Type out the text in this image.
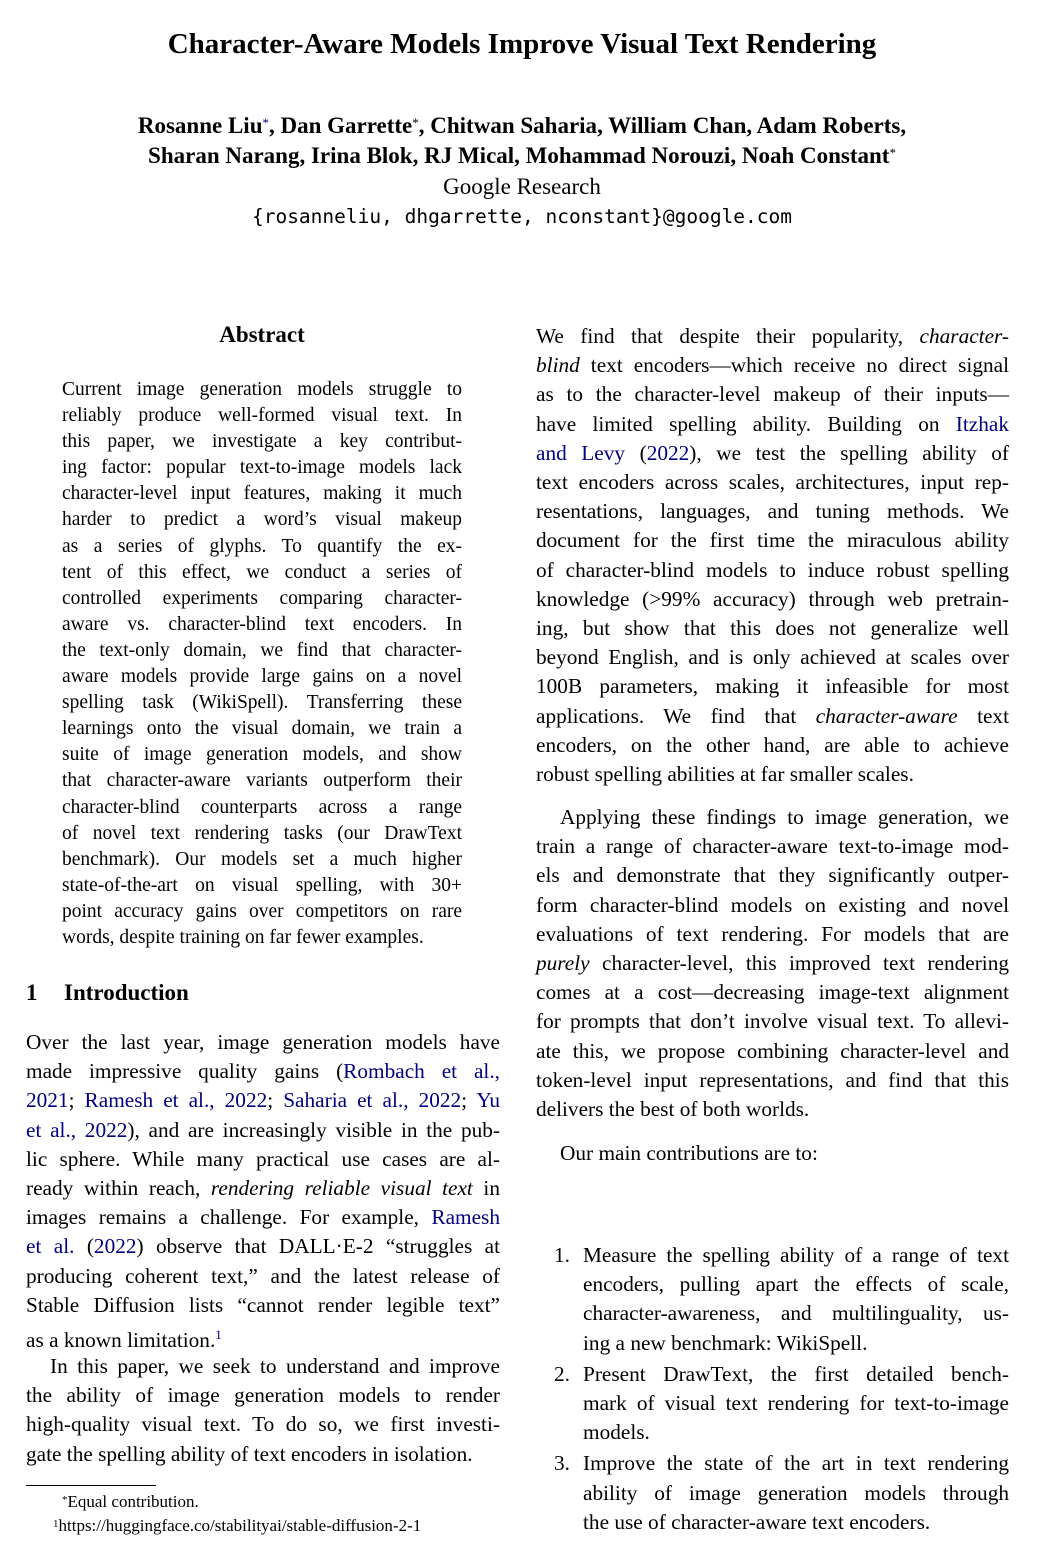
Character-Aware Models Improve Visual Text Rendering
Rosanne Liu*, Dan Garrette*, Chitwan Saharia, William Chan, Adam Roberts,
Sharan Narang, Irina Blok, RJ Mical, Mohammad Norouzi, Noah Constant*
Google Research
{rosanneliu, dhgarrette, nconstant}@google.com
Abstract
Current image generation models struggle to
reliably produce well-formed visual text. In
this paper, we investigate a key contribut-
ing factor: popular text-to-image models lack
character-level input features, making it much
harder to predict a word’s visual makeup
as a series of glyphs. To quantify the ex-
tent of this effect, we conduct a series of
controlled experiments comparing character-
aware vs. character-blind text encoders. In
the text-only domain, we find that character-
aware models provide large gains on a novel
spelling task (WikiSpell). Transferring these
learnings onto the visual domain, we train a
suite of image generation models, and show
that character-aware variants outperform their
character-blind counterparts across a range
of novel text rendering tasks (our DrawText
benchmark). Our models set a much higher
state-of-the-art on visual spelling, with 30+
point accuracy gains over competitors on rare
words, despite training on far fewer examples.
1 Introduction
Over the last year, image generation models have
made impressive quality gains (Rombach et al.,
2021; Ramesh et al., 2022; Saharia et al., 2022; Yu
et al., 2022), and are increasingly visible in the pub-
lic sphere. While many practical use cases are al-
ready within reach, rendering reliable visual text in
images remains a challenge. For example, Ramesh
et al. (2022) observe that DALL·E-2 “struggles at
producing coherent text,” and the latest release of
Stable Diffusion lists “cannot render legible text”
as a known limitation.$^1$
In this paper, we seek to understand and improve
the ability of image generation models to render
high-quality visual text. To do so, we first investi-
gate the spelling ability of text encoders in isolation.
*Equal contribution.
$^1$https://huggingface.co/stabilityai/stable-diffusion-2-1
We find that despite their popularity, character-
blind text encoders—which receive no direct signal
as to the character-level makeup of their inputs—
have limited spelling ability. Building on Itzhak
and Levy (2022), we test the spelling ability of
text encoders across scales, architectures, input rep-
resentations, languages, and tuning methods. We
document for the first time the miraculous ability
of character-blind models to induce robust spelling
knowledge (>99% accuracy) through web pretrain-
ing, but show that this does not generalize well
beyond English, and is only achieved at scales over
100B parameters, making it infeasible for most
applications. We find that character-aware text
encoders, on the other hand, are able to achieve
robust spelling abilities at far smaller scales.
Applying these findings to image generation, we
train a range of character-aware text-to-image mod-
els and demonstrate that they significantly outper-
form character-blind models on existing and novel
evaluations of text rendering. For models that are
purely character-level, this improved text rendering
comes at a cost—decreasing image-text alignment
for prompts that don’t involve visual text. To allevi-
ate this, we propose combining character-level and
token-level input representations, and find that this
delivers the best of both worlds.
Our main contributions are to:
1. Measure the spelling ability of a range of text
encoders, pulling apart the effects of scale,
character-awareness, and multilinguality, us-
ing a new benchmark: WikiSpell.
2. Present DrawText, the first detailed bench-
mark of visual text rendering for text-to-image
models.
3. Improve the state of the art in text rendering
ability of image generation models through
the use of character-aware text encoders.
